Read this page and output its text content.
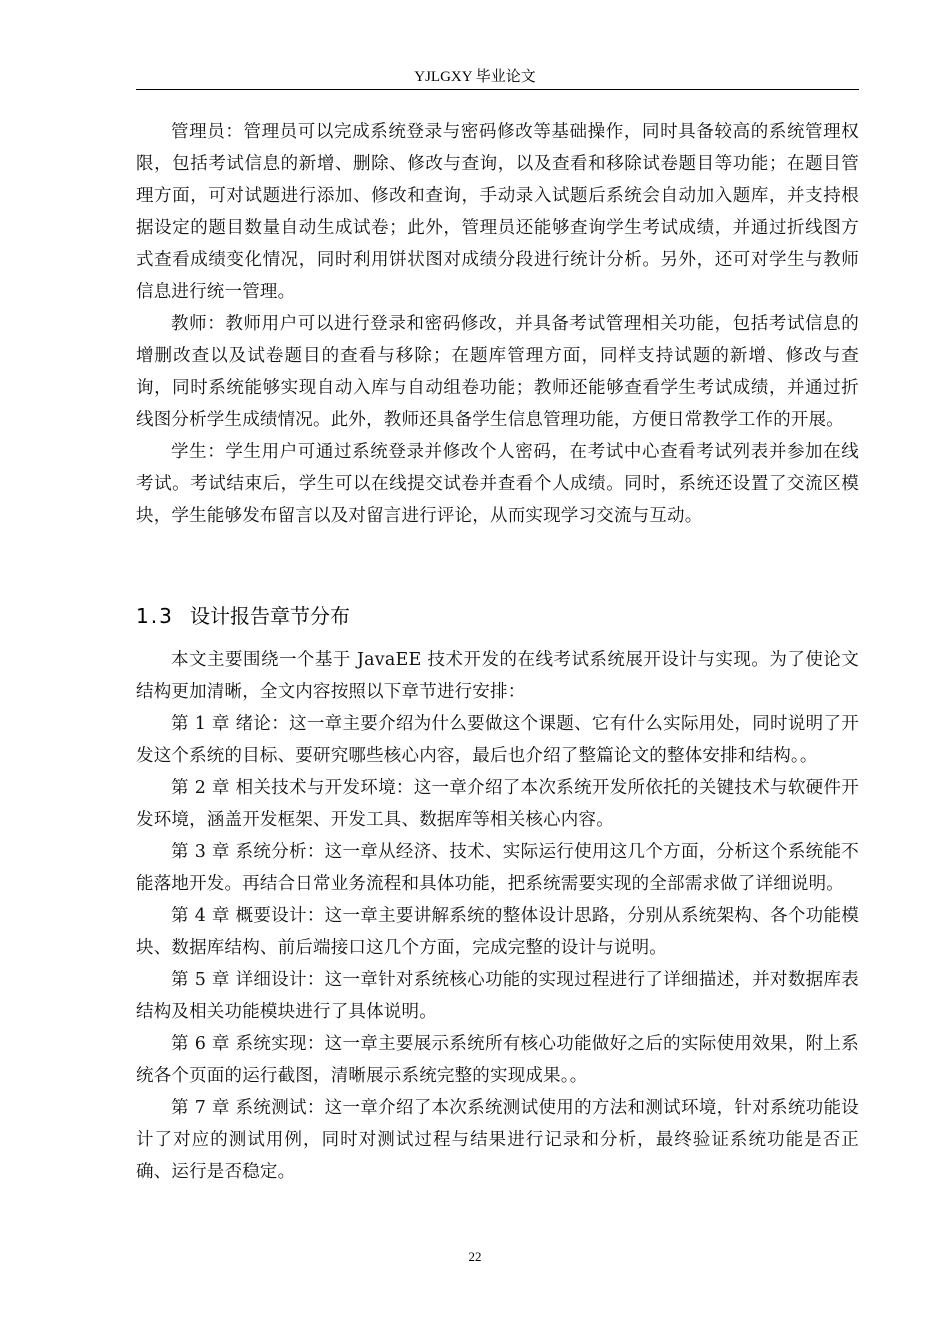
YJLGXY 毕业论文

管理员：管理员可以完成系统登录与密码修改等基础操作，同时具备较高的系统管理权限，包括考试信息的新增、删除、修改与查询，以及查看和移除试卷题目等功能；在题目管理方面，可对试题进行添加、修改和查询，手动录入试题后系统会自动加入题库，并支持根据设定的题目数量自动生成试卷；此外，管理员还能够查询学生考试成绩，并通过折线图方式查看成绩变化情况，同时利用饼状图对成绩分段进行统计分析。另外，还可对学生与教师信息进行统一管理。

教师：教师用户可以进行登录和密码修改，并具备考试管理相关功能，包括考试信息的增删改查以及试卷题目的查看与移除；在题库管理方面，同样支持试题的新增、修改与查询，同时系统能够实现自动入库与自动组卷功能；教师还能够查看学生考试成绩，并通过折线图分析学生成绩情况。此外，教师还具备学生信息管理功能，方便日常教学工作的开展。

学生：学生用户可通过系统登录并修改个人密码，在考试中心查看考试列表并参加在线考试。考试结束后，学生可以在线提交试卷并查看个人成绩。同时，系统还设置了交流区模块，学生能够发布留言以及对留言进行评论，从而实现学习交流与互动。

1.3 设计报告章节分布

本文主要围绕一个基于 JavaEE 技术开发的在线考试系统展开设计与实现。为了使论文结构更加清晰，全文内容按照以下章节进行安排：

第 1 章 绪论：这一章主要介绍为什么要做这个课题、它有什么实际用处，同时说明了开发这个系统的目标、要研究哪些核心内容，最后也介绍了整篇论文的整体安排和结构。。

第 2 章 相关技术与开发环境：这一章介绍了本次系统开发所依托的关键技术与软硬件开发环境，涵盖开发框架、开发工具、数据库等相关核心内容。

第 3 章 系统分析：这一章从经济、技术、实际运行使用这几个方面，分析这个系统能不能落地开发。再结合日常业务流程和具体功能，把系统需要实现的全部需求做了详细说明。

第 4 章 概要设计：这一章主要讲解系统的整体设计思路，分别从系统架构、各个功能模块、数据库结构、前后端接口这几个方面，完成完整的设计与说明。

第 5 章 详细设计：这一章针对系统核心功能的实现过程进行了详细描述，并对数据库表结构及相关功能模块进行了具体说明。

第 6 章 系统实现：这一章主要展示系统所有核心功能做好之后的实际使用效果，附上系统各个页面的运行截图，清晰展示系统完整的实现成果。。

第 7 章 系统测试：这一章介绍了本次系统测试使用的方法和测试环境，针对系统功能设计了对应的测试用例，同时对测试过程与结果进行记录和分析，最终验证系统功能是否正确、运行是否稳定。

22
